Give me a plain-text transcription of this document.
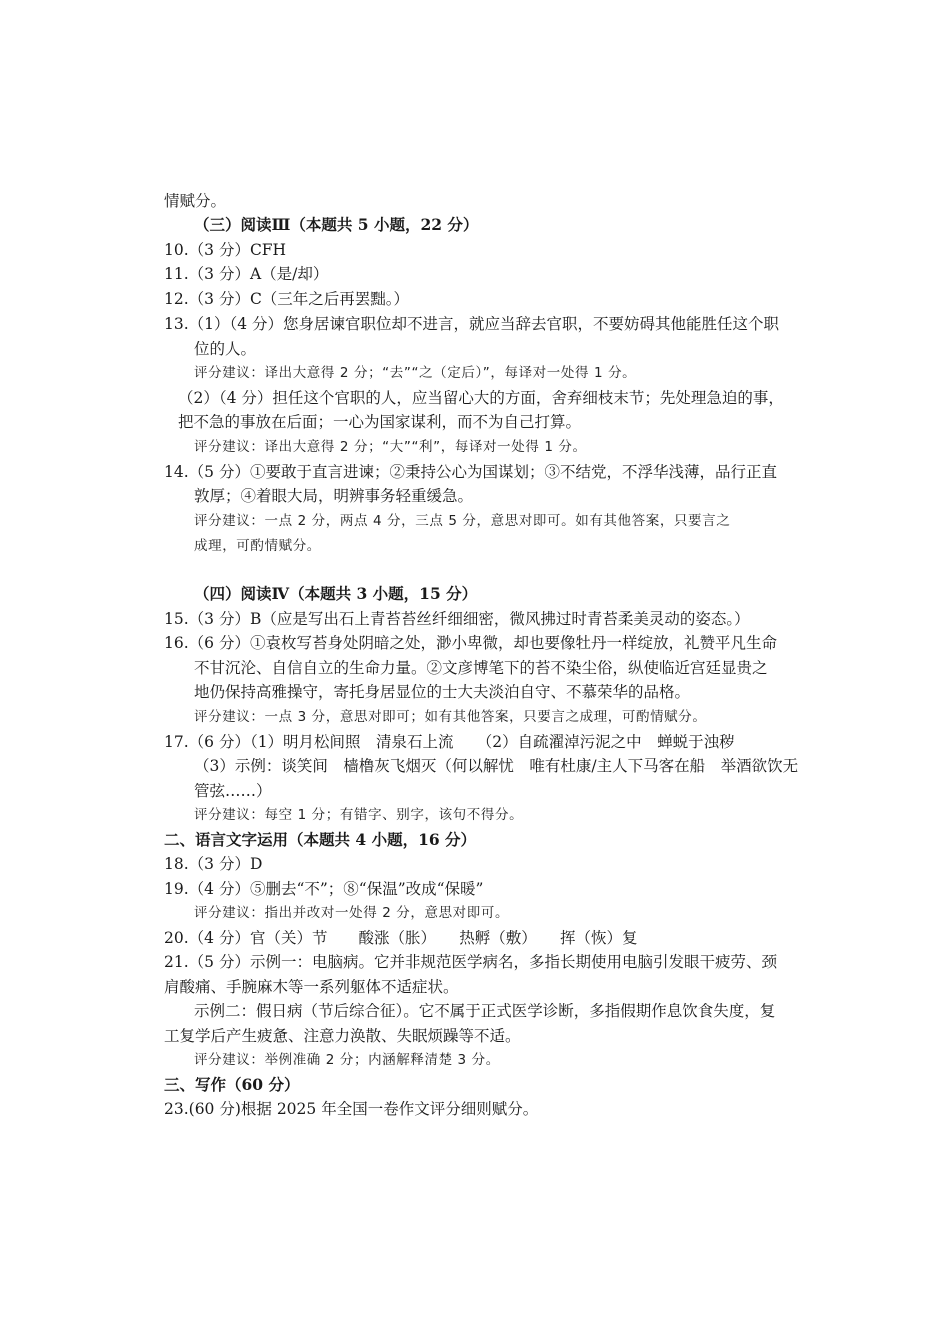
情赋分。
（三）阅读Ⅲ（本题共 5 小题，22 分）
10.（3 分）CFH
11.（3 分）A（是/却）
12.（3 分）C（三年之后再罢黜。）
13.（1）（4 分）您身居谏官职位却不进言，就应当辞去官职，不要妨碍其他能胜任这个职
位的人。
评分建议：译出大意得 2 分；“去”“之（定后）”，每译对一处得 1 分。
（2）（4 分）担任这个官职的人，应当留心大的方面，舍弃细枝末节；先处理急迫的事，
把不急的事放在后面；一心为国家谋利，而不为自己打算。
评分建议：译出大意得 2 分；“大”“利”，每译对一处得 1 分。
14.（5 分）①要敢于直言进谏；②秉持公心为国谋划；③不结党，不浮华浅薄，品行正直
敦厚；④着眼大局，明辨事务轻重缓急。
评分建议：一点 2 分，两点 4 分，三点 5 分，意思对即可。如有其他答案，只要言之
成理，可酌情赋分。
（四）阅读Ⅳ（本题共 3 小题，15 分）
15.（3 分）B（应是写出石上青苔苔丝纤细细密，微风拂过时青苔柔美灵动的姿态。）
16.（6 分）①袁枚写苔身处阴暗之处，渺小卑微，却也要像牡丹一样绽放，礼赞平凡生命
不甘沉沦、自信自立的生命力量。②文彦博笔下的苔不染尘俗，纵使临近宫廷显贵之
地仍保持高雅操守，寄托身居显位的士大夫淡泊自守、不慕荣华的品格。
评分建议：一点 3 分，意思对即可；如有其他答案，只要言之成理，可酌情赋分。
17.（6 分）（1）明月松间照　清泉石上流　　（2）自疏濯淖污泥之中　蝉蜕于浊秽
（3）示例：谈笑间　樯橹灰飞烟灭（何以解忧　唯有杜康/主人下马客在船　举酒欲饮无
管弦……）
评分建议：每空 1 分；有错字、别字，该句不得分。
二、语言文字运用（本题共 4 小题，16 分）
18.（3 分）D
19.（4 分）⑤删去“不”；⑧“保温”改成“保暖”
评分建议：指出并改对一处得 2 分，意思对即可。
20.（4 分）官（关）节　　酸涨（胀）　　热孵（敷）　　挥（恢）复
21.（5 分）示例一：电脑病。它并非规范医学病名，多指长期使用电脑引发眼干疲劳、颈
肩酸痛、手腕麻木等一系列躯体不适症状。
示例二：假日病（节后综合征）。它不属于正式医学诊断，多指假期作息饮食失度，复
工复学后产生疲惫、注意力涣散、失眠烦躁等不适。
评分建议：举例准确 2 分；内涵解释清楚 3 分。
三、写作（60 分）
23.(60 分)根据 2025 年全国一卷作文评分细则赋分。
